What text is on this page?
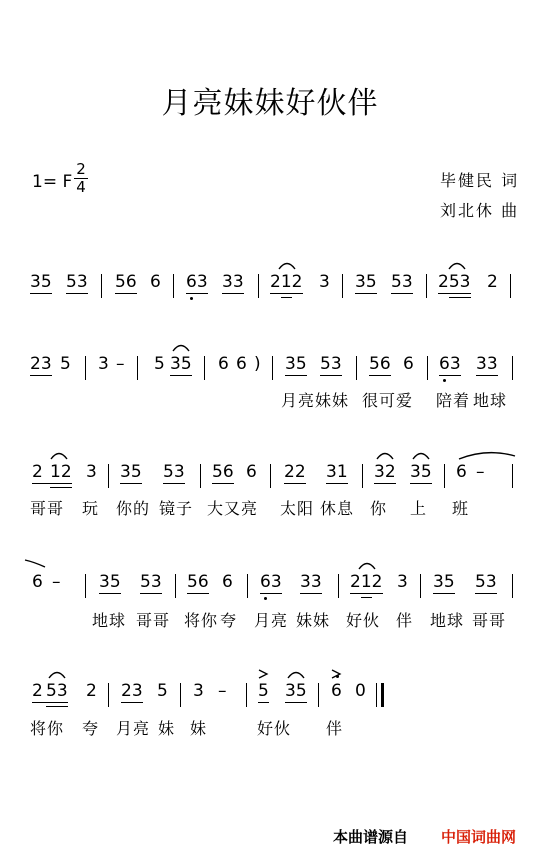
月亮妹妹好伙伴
1= F
2
4	毕健民 词
刘北休 曲
35 53 56 6 63 33 212 3 35 53 253 2
23 5 3 – 5 35 6 6 ) 35 53 56 6 63 33
月亮妹妹 很可爱 陪着 地球
2 12 3 35 53 56 6 22 31 32 35 6 –
哥哥 玩 你的 镜子 大又亮 太阳 休息 你 上 班
6 – 35 53 56 6 63 33 212 3 35 53
地球 哥哥 将你 夸 月亮 妹妹 好伙 伴 地球 哥哥
2 53 2 23 5 3 – 5 35 6 0
将你 夸 月亮 妹 妹	好伙 伴
本曲谱源自 中国词曲网
